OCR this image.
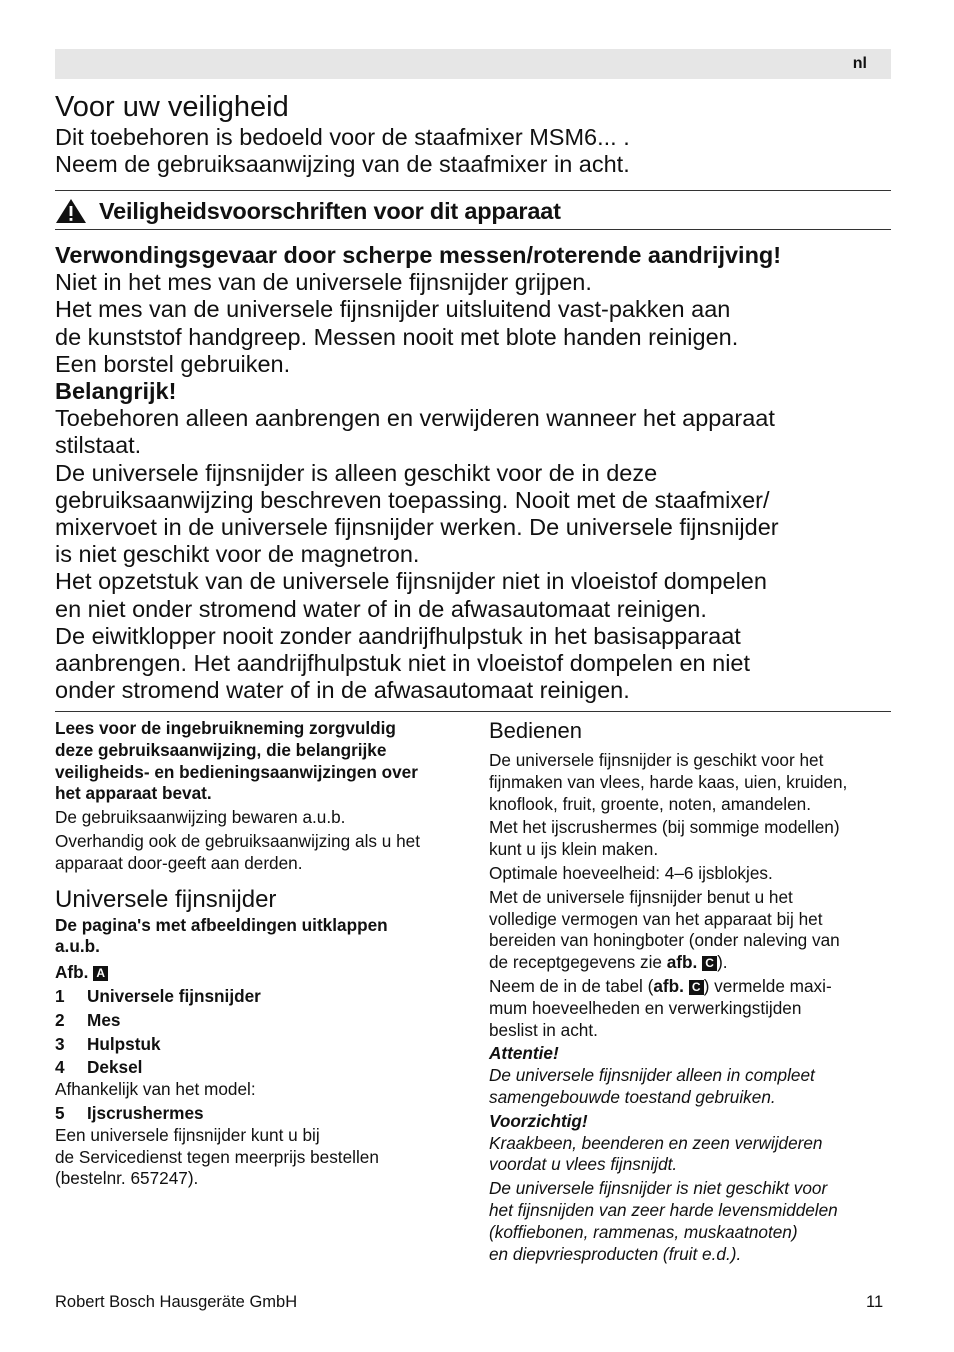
nl
Voor uw veiligheid

Dit toebehoren is bedoeld voor de staafmixer MSM6... .

Neem de gebruiksaanwijzing van de staafmixer in acht.

Veiligheidsvoorschriften voor dit apparaat

Verwondingsgevaar door scherpe messen/roterende aandrijving!

Niet in het mes van de universele fijnsnijder grijpen.

Het mes van de universele fijnsnijder uitsluitend vast-pakken aan

de kunststof handgreep. Messen nooit met blote handen reinigen.

Een borstel gebruiken.

Belangrijk!

Toebehoren alleen aanbrengen en verwijderen wanneer het apparaat

stilstaat.

De universele fijnsnijder is alleen geschikt voor de in deze

gebruiksaanwijzing beschreven toepassing. Nooit met de staafmixer/

mixervoet in de universele fijnsnijder werken. De universele fijnsnijder

is niet geschikt voor de magnetron.

Het opzetstuk van de universele fijnsnijder niet in vloeistof dompelen

en niet onder stromend water of in de afwasautomaat reinigen.

De eiwitklopper nooit zonder aandrijfhulpstuk in het basisapparaat

aanbrengen. Het aandrijfhulpstuk niet in vloeistof dompelen en niet

onder stromend water of in de afwasautomaat reinigen.

Lees voor de ingebruikneming zorgvuldig

deze gebruiksaanwijzing, die belangrijke

veiligheids- en bedieningsaanwijzingen over

het apparaat bevat.

De gebruiksaanwijzing bewaren a.u.b.

Overhandig ook de gebruiksaanwijzing als u het

apparaat door-geeft aan derden.

Universele fijnsnijder

De pagina's met afbeeldingen uitklappen

a.u.b.

Afb. A

1	Universele fijnsnijder
2	Mes
3	Hulpstuk
4	Deksel

Afhankelijk van het model:

5	Ijscrushermes

Een universele fijnsnijder kunt u bij

de Servicedienst tegen meerprijs bestellen

(bestelnr. 657247).

Bedienen

De universele fijnsnijder is geschikt voor het

fijnmaken van vlees, harde kaas, uien, kruiden,

knoflook, fruit, groente, noten, amandelen.

Met het ijscrushermes (bij sommige modellen)

kunt u ijs klein maken.

Optimale hoeveelheid: 4–6 ijsblokjes.

Met de universele fijnsnijder benut u het

volledige vermogen van het apparaat bij het

bereiden van honingboter (onder naleving van

de receptgegevens zie afb. C ).

Neem de in de tabel (afb. C ) vermelde maxi-

mum hoeveelheden en verwerkingstijden

beslist in acht.

Attentie!

De universele fijnsnijder alleen in compleet

samengebouwde toestand gebruiken.

Voorzichtig!

Kraakbeen, beenderen en zeen verwijderen

voordat u vlees fijnsnijdt.

De universele fijnsnijder is niet geschikt voor

het fijnsnijden van zeer harde levensmiddelen

(koffiebonen, rammenas, muskaatnoten)

en diepvriesproducten (fruit e.d.).

Robert Bosch Hausgeräte GmbH	11
